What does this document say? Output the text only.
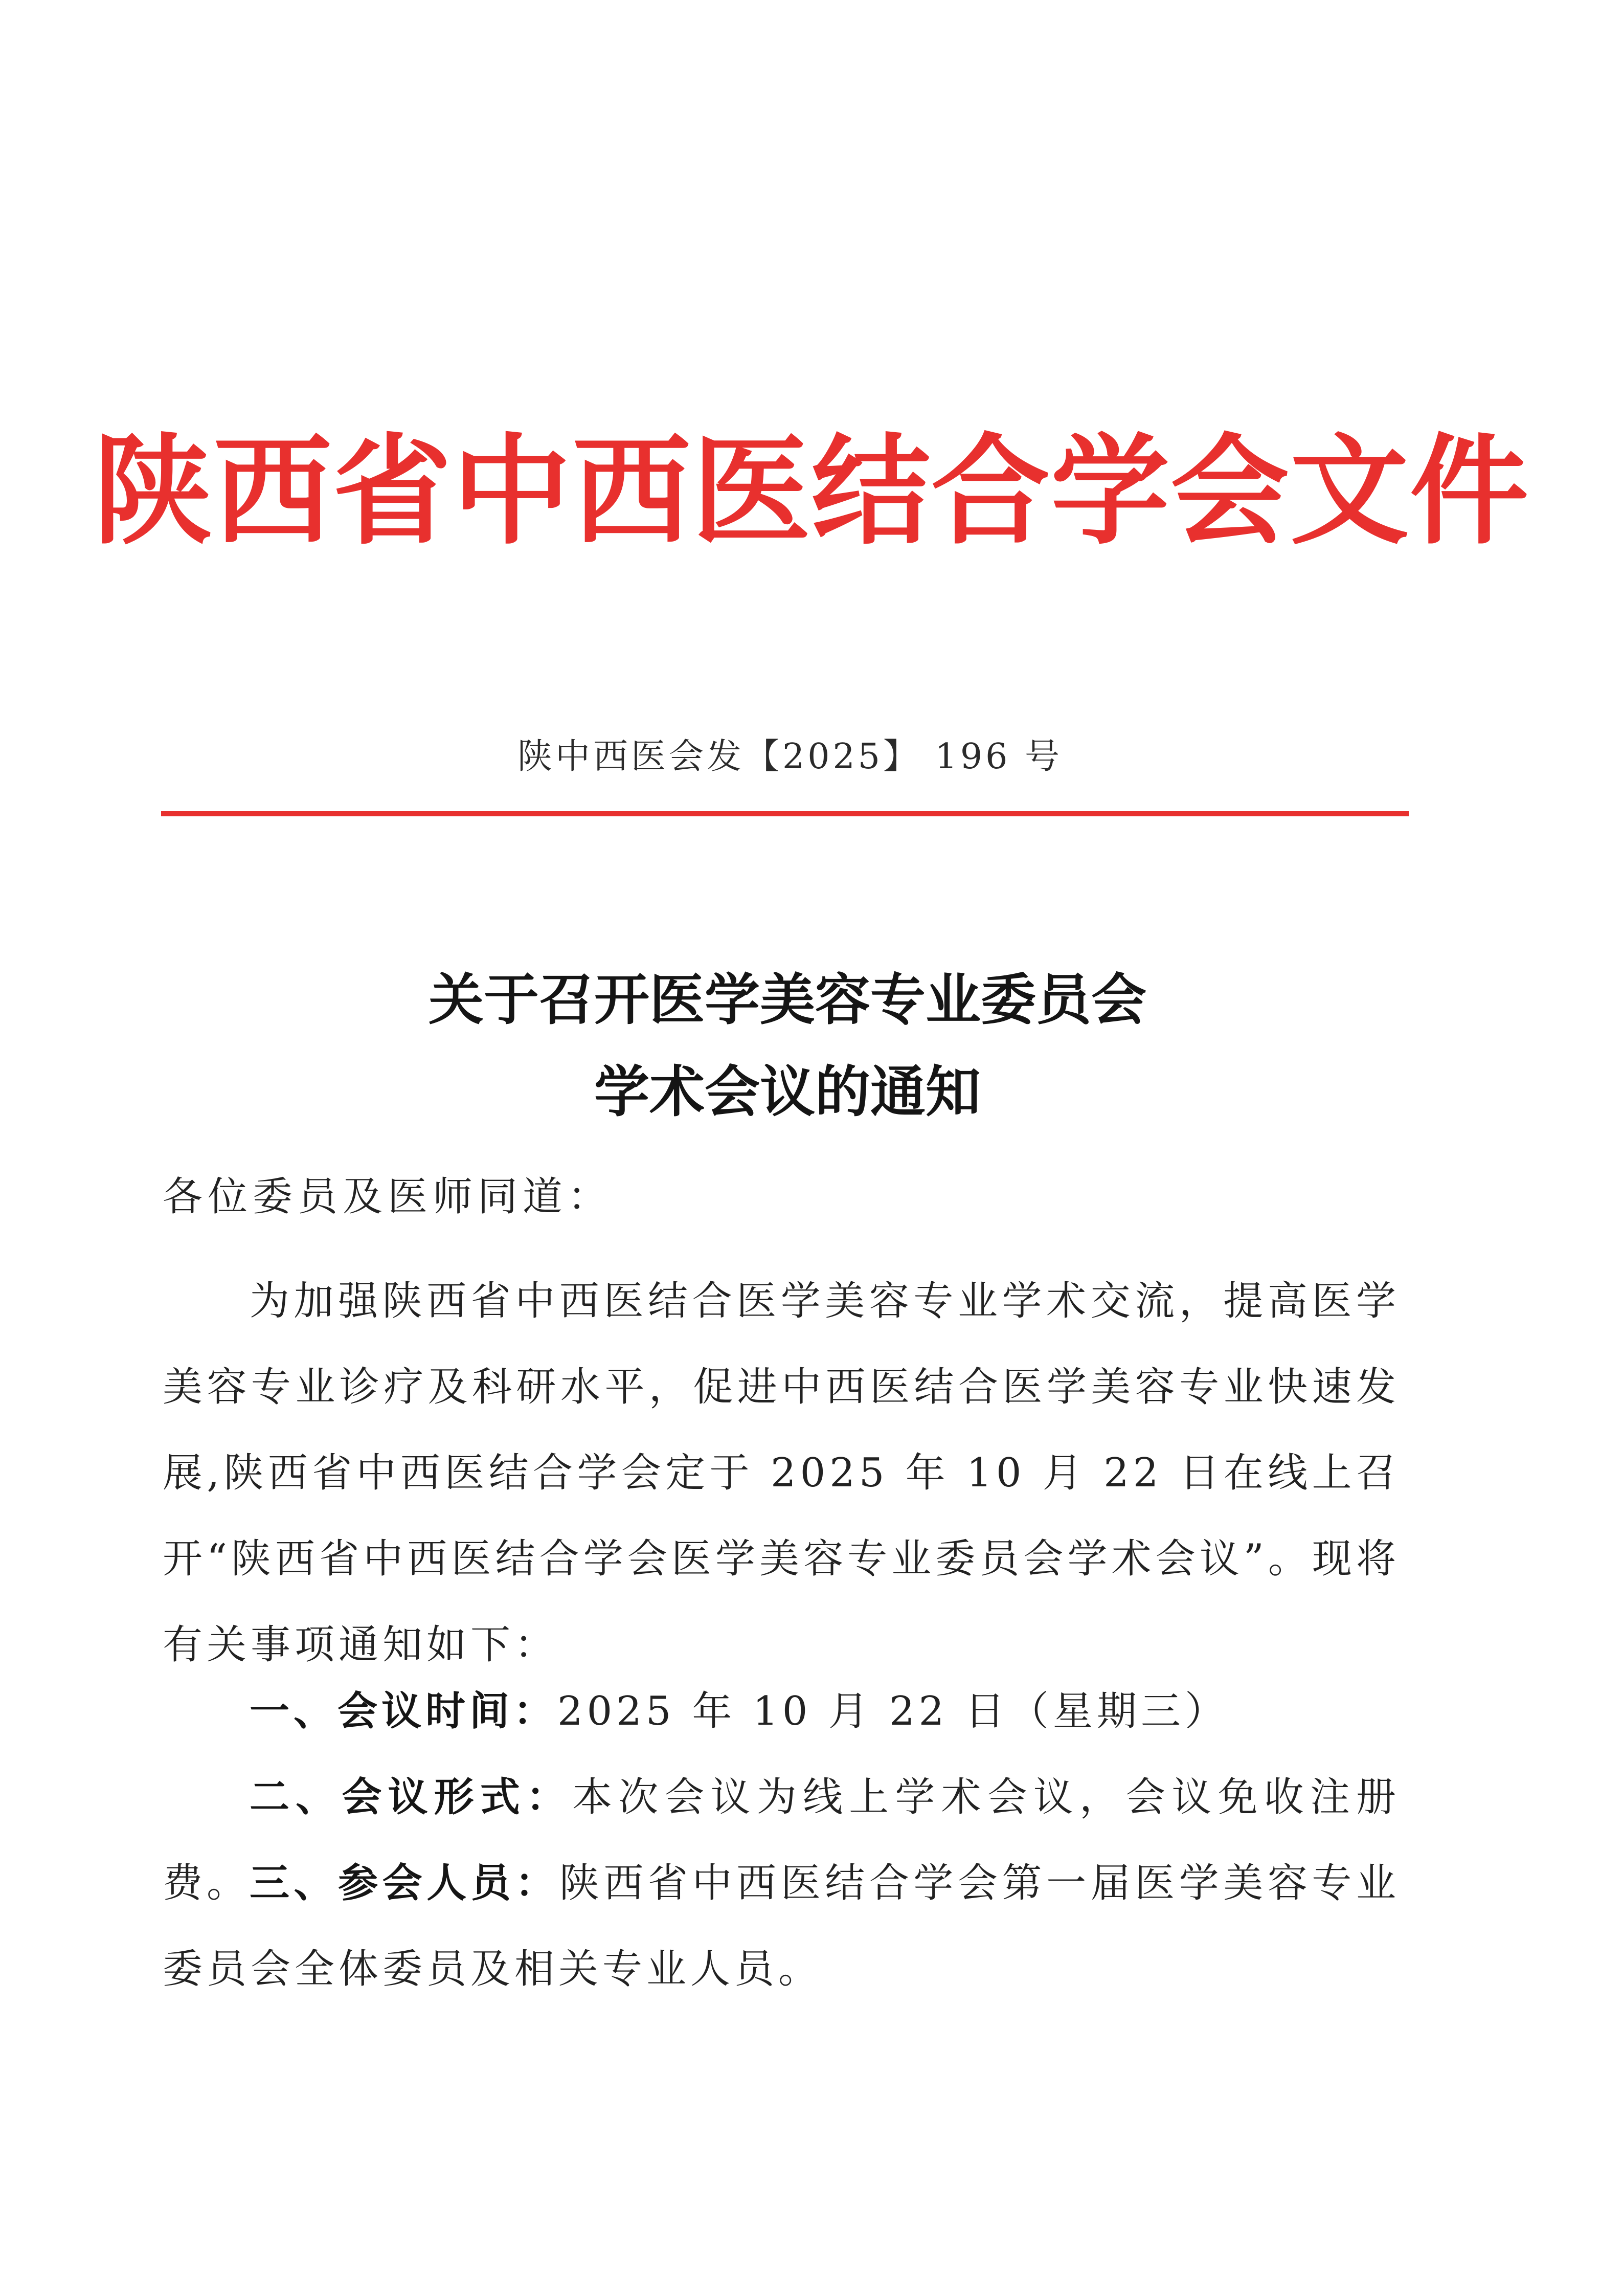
陕西省中西医结合学会文件
陕中西医会发【2025】 196 号
关于召开医学美容专业委员会
学术会议的通知
各位委员及医师同道：
为加强陕西省中西医结合医学美容专业学术交流，提高医学美容专业诊疗及科研水平，促进中西医结合医学美容专业快速发展,陕西省中西医结合学会定于 2025 年 10 月 22 日在线上召开“陕西省中西医结合学会医学美容专业委员会学术会议”。现将有关事项通知如下：
一、会议时间：2025 年 10 月 22 日（星期三）
二、会议形式：本次会议为线上学术会议，会议免收注册费。
三、参会人员：陕西省中西医结合学会第一届医学美容专业委员会全体委员及相关专业人员。
